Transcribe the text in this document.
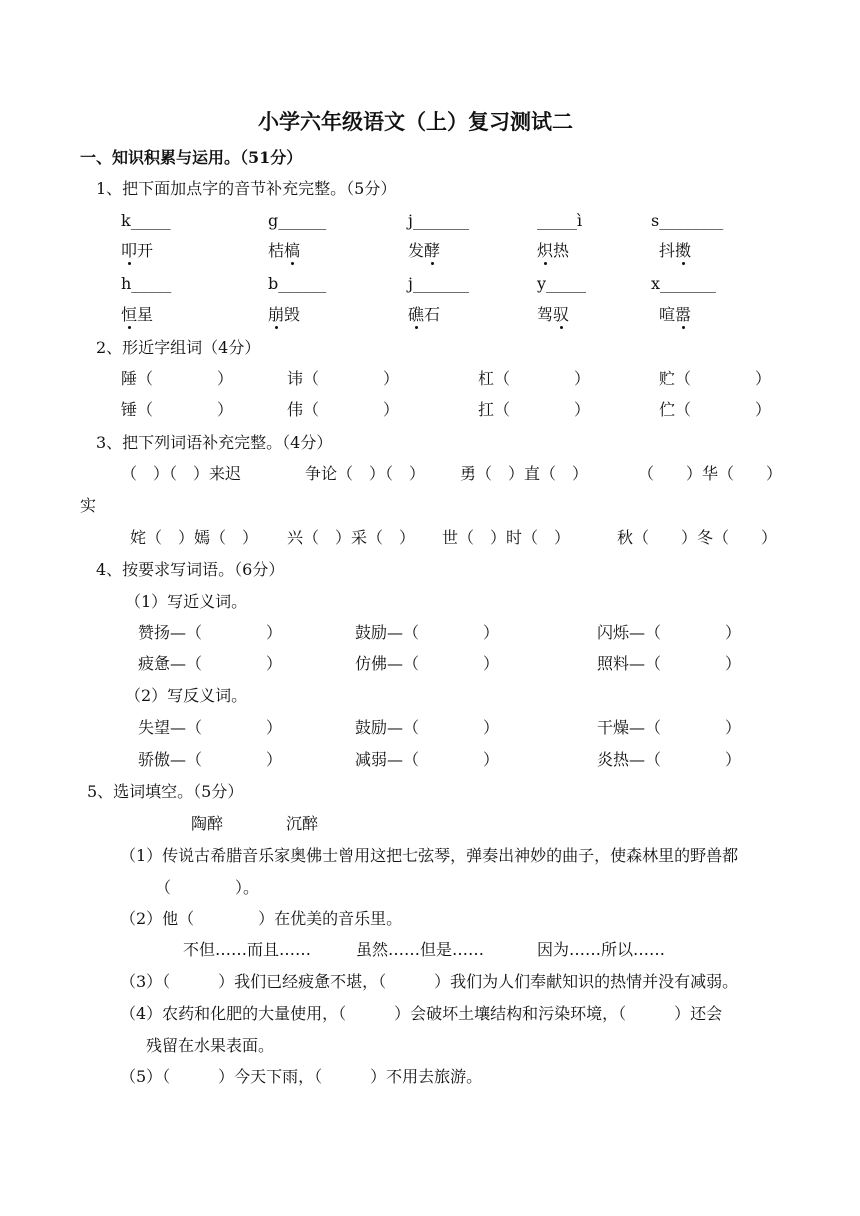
小学六年级语文（上）复习测试二
一、知识积累与运用。（51分）
1、把下面加点字的音节补充完整。（5分）
k_____	g______	j_______	_____ì	s________
叩开	桔槁	发酵	炽热	抖擞
h_____	b______	j_______	y_____	x_______
恒星	崩毁	礁石	驾驭	喧嚣
2、形近字组词（4分）
陲（　　　　）	讳（　　　　）	杠（　　　　）	贮（　　　　）
锤（　　　　）	伟（　　　　）	扛（　　　　）	伫（　　　　）
3、把下列词语补充完整。（4分）
（　）（　）来迟	争论（　）（　） 勇（　）直（　）	（　　）华（　　）
实
姹（　）嫣（　） 兴（　）采（　） 世（　）时（　）	秋（　　）冬（　　）
4、按要求写词语。（6分）
（1）写近义词。
赞扬—（　　　　）	鼓励—（　　　　）	闪烁—（　　　　）
疲惫—（　　　　）	仿佛—（　　　　）	照料—（　　　　）
（2）写反义词。
失望—（　　　　）	鼓励—（　　　　）	干燥—（　　　　）
骄傲—（　　　　）	减弱—（　　　　）	炎热—（　　　　）
5、选词填空。（5分）
陶醉	沉醉
（1）传说古希腊音乐家奥佛士曾用这把七弦琴，弹奏出神妙的曲子，使森林里的野兽都
（　　　　）。
（2）他（　　　　）在优美的音乐里。
不但……而且……	虽然……但是……	因为……所以……
（3）（　　　）我们已经疲惫不堪，（　　　）我们为人们奉献知识的热情并没有减弱。
（4）农药和化肥的大量使用，（　　　）会破坏土壤结构和污染环境，（　　　）还会
残留在水果表面。
（5）（　　　）今天下雨，（　　　）不用去旅游。
